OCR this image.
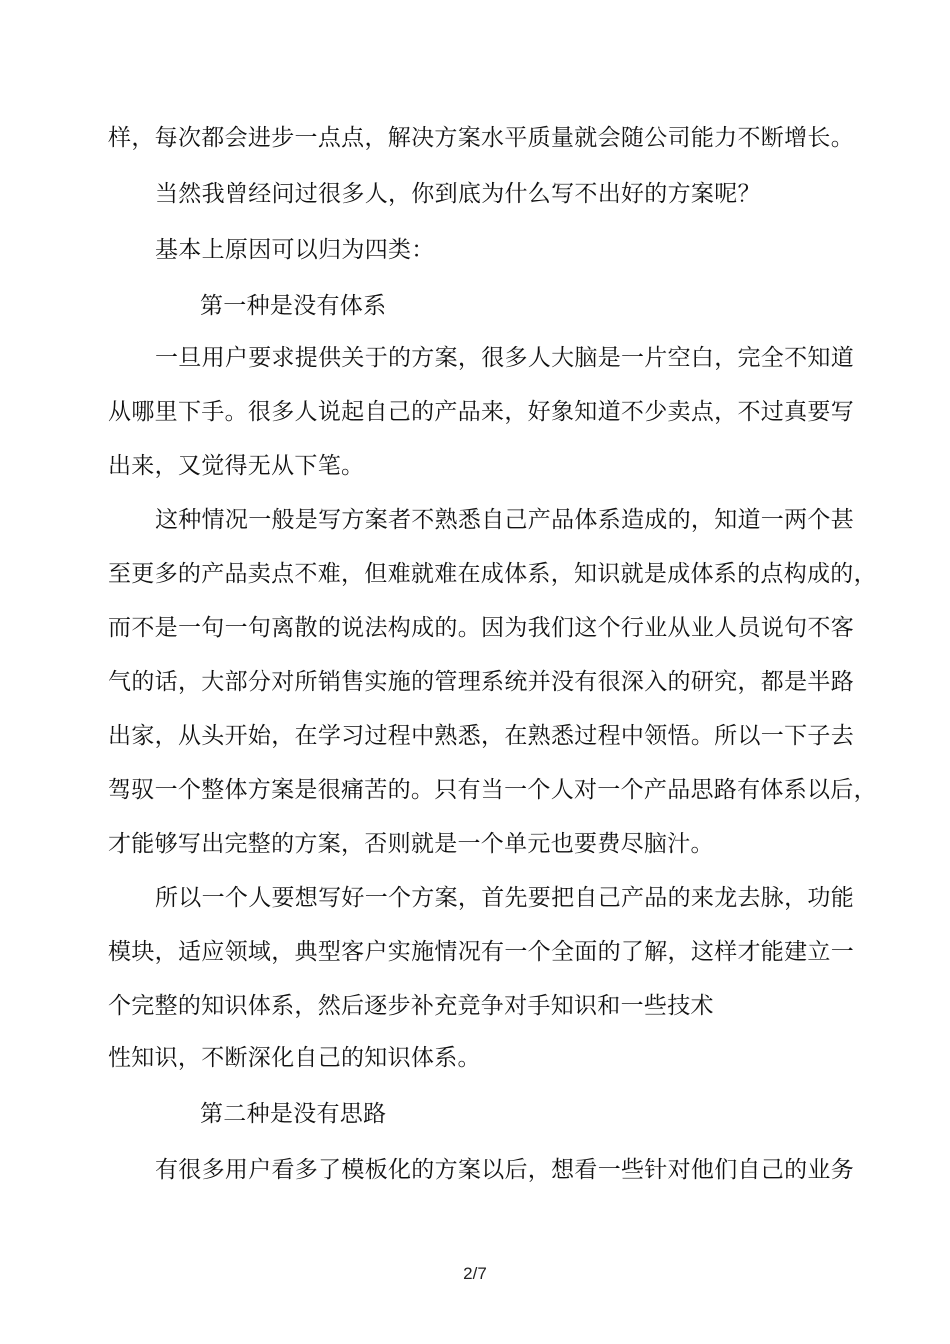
样，每次都会进步一点点，解决方案水平质量就会随公司能力不断增长。
当然我曾经问过很多人，你到底为什么写不出好的方案呢？
基本上原因可以归为四类：
第一种是没有体系
一旦用户要求提供关于的方案，很多人大脑是一片空白，完全不知道
从哪里下手。很多人说起自己的产品来，好象知道不少卖点，不过真要写
出来，又觉得无从下笔。
这种情况一般是写方案者不熟悉自己产品体系造成的，知道一两个甚
至更多的产品卖点不难，但难就难在成体系，知识就是成体系的点构成的，
而不是一句一句离散的说法构成的。因为我们这个行业从业人员说句不客
气的话，大部分对所销售实施的管理系统并没有很深入的研究，都是半路
出家，从头开始，在学习过程中熟悉，在熟悉过程中领悟。所以一下子去
驾驭一个整体方案是很痛苦的。只有当一个人对一个产品思路有体系以后，
才能够写出完整的方案，否则就是一个单元也要费尽脑汁。
所以一个人要想写好一个方案，首先要把自己产品的来龙去脉，功能
模块，适应领域，典型客户实施情况有一个全面的了解，这样才能建立一
个完整的知识体系，然后逐步补充竞争对手知识和一些技术
性知识，不断深化自己的知识体系。
第二种是没有思路
有很多用户看多了模板化的方案以后，想看一些针对他们自己的业务
2/7
